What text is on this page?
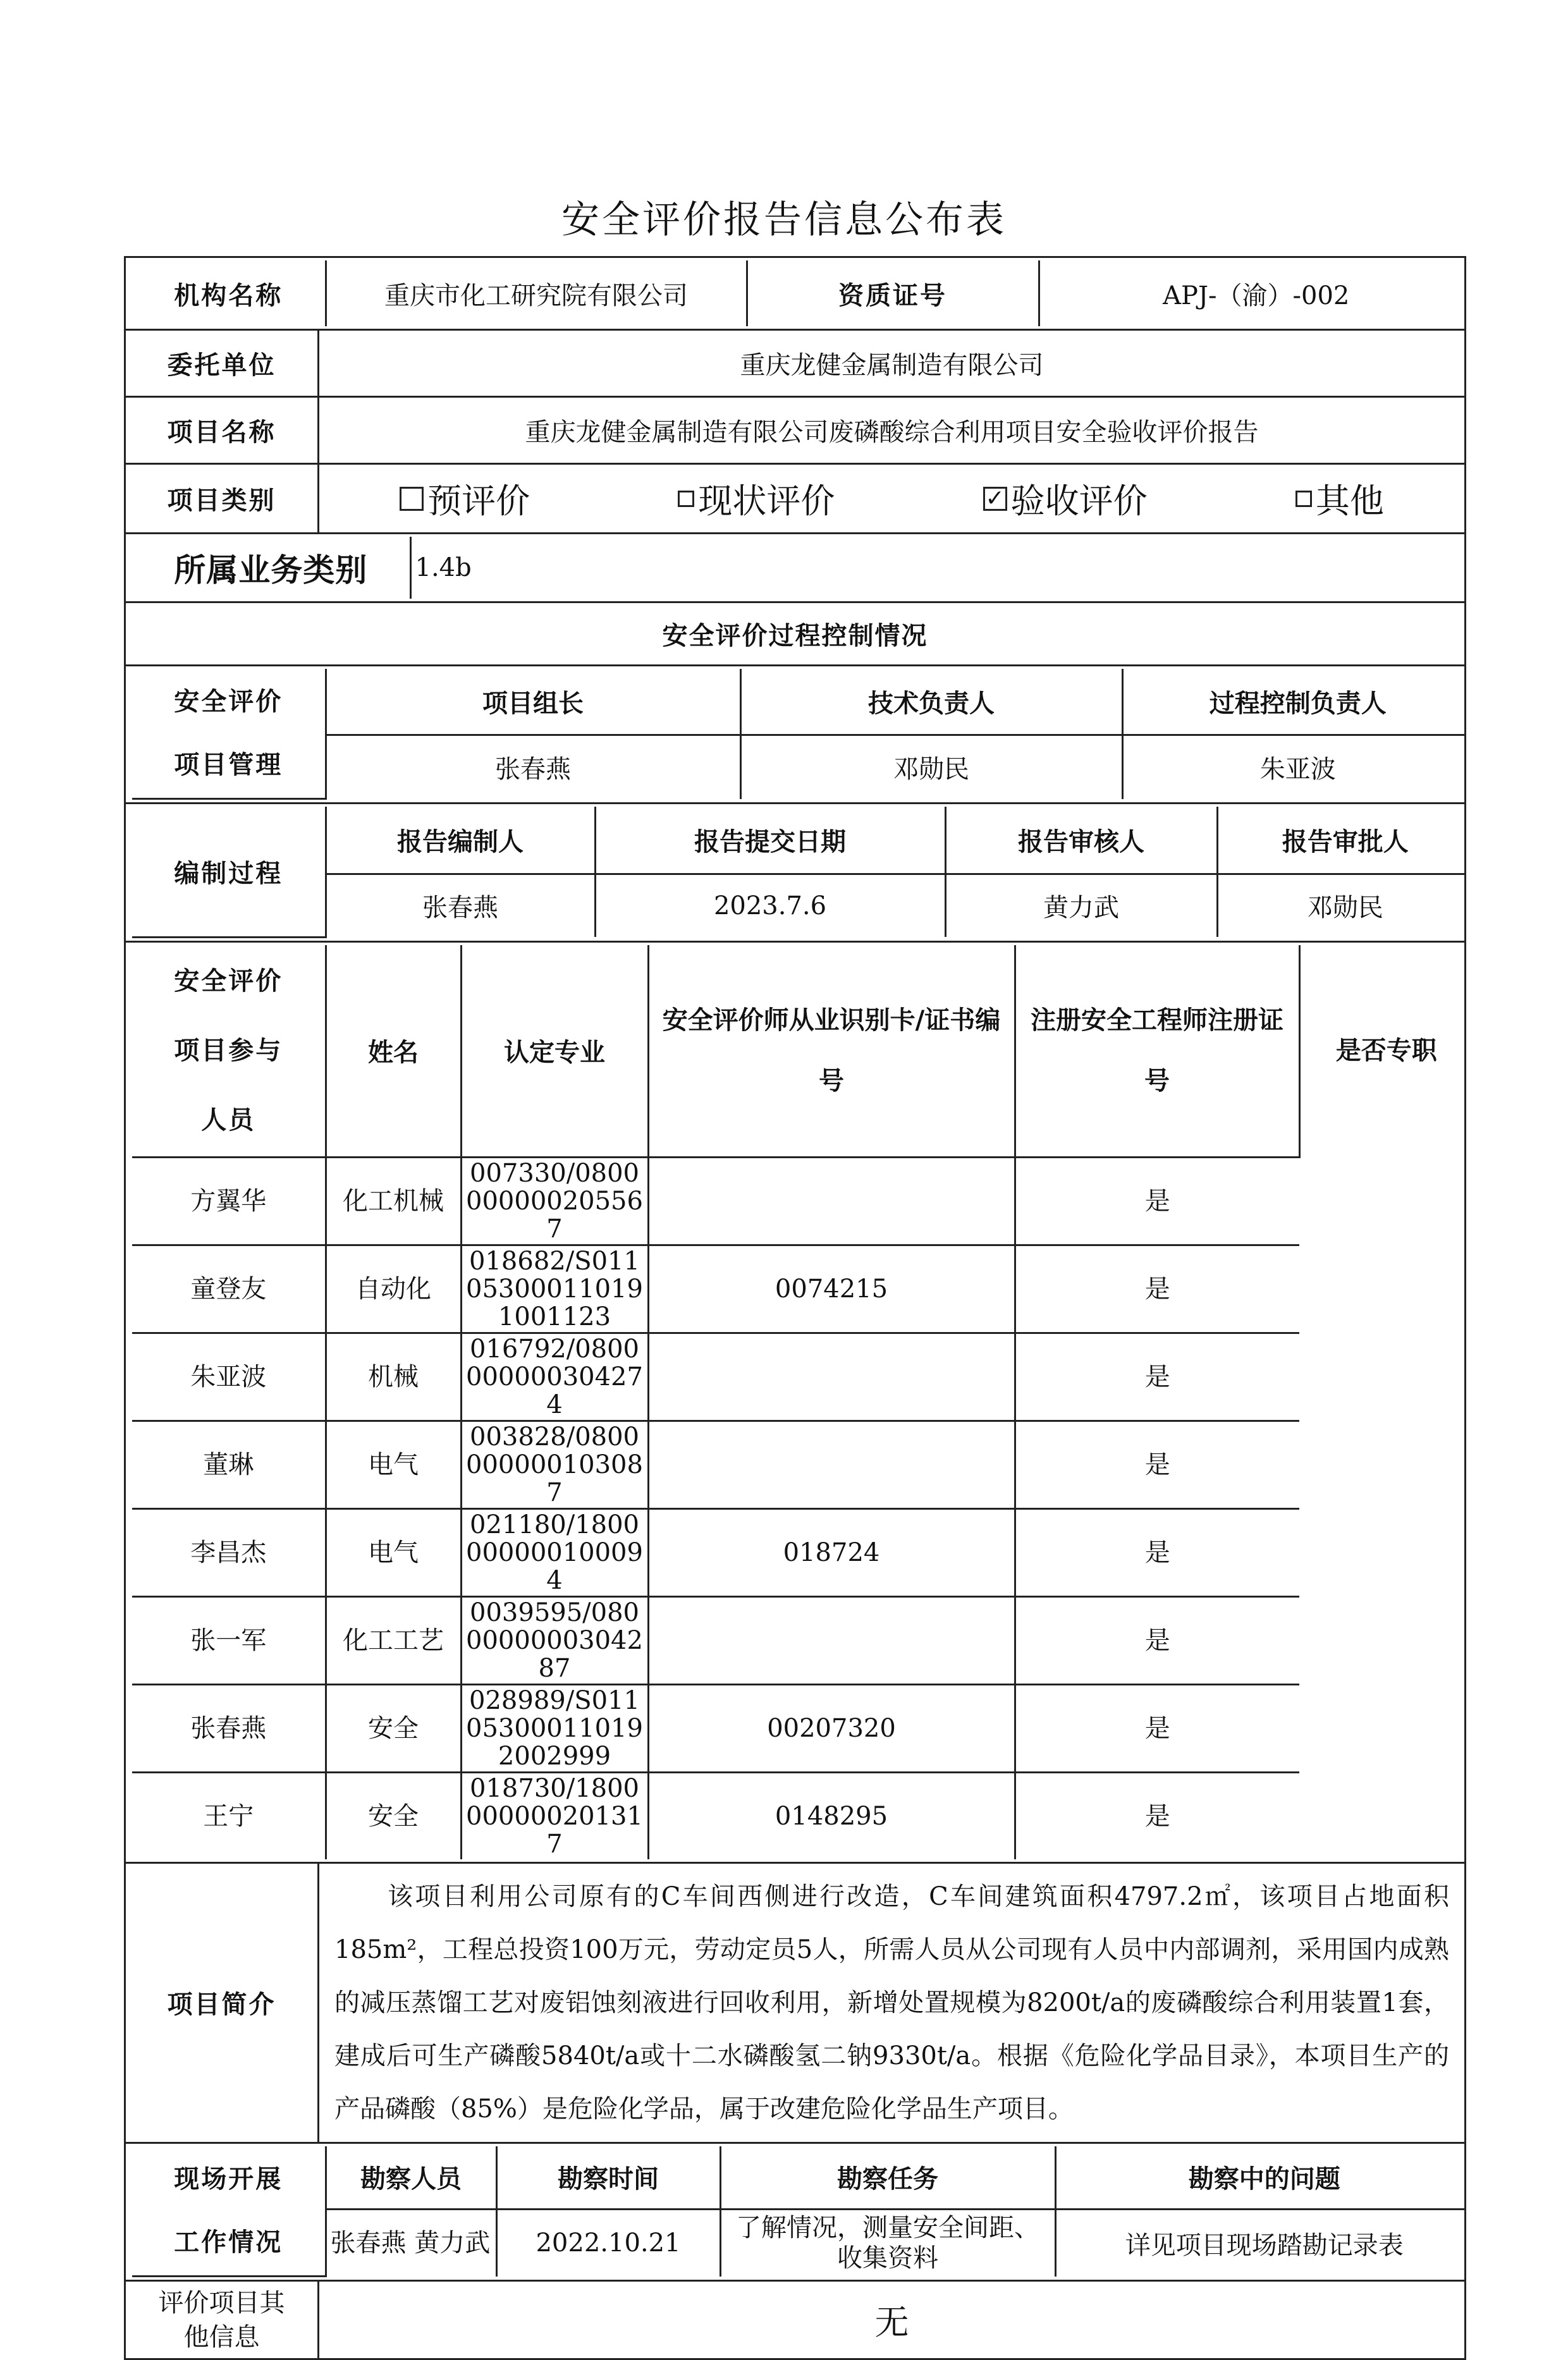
安全评价报告信息公布表
机构名称	重庆市化工研究院有限公司	资质证号	APJ-（渝）-002

委托单位	重庆龙健金属制造有限公司
项目名称	重庆龙健金属制造有限公司废磷酸综合利用项目安全验收评价报告
项目类别	预评价	现状评价	✓ 验收评价	其他

所属业务类别	1.4b

安全评价过程控制情况

安全评价
项目管理
	项目组长	技术负责人	过程控制负责人
张春燕	邓勋民	朱亚波

编制过程	报告编制人	报告提交日期	报告审核人	报告审批人
张春燕	2023.7.6	黄力武	邓勋民

安全评价
项目参与
人员
	姓名	认定专业	安全评价师从业识别卡/证书编号	注册安全工程师注册证号	是否专职
方翼华	化工机械	007330/0800000000205567		是
童登友	自动化	018682/S011053000110191001123	0074215	是
朱亚波	机械	016792/0800000000304274		是
董琳	电气	003828/0800000000103087		是
李昌杰	电气	021180/1800000000100094	018724	是
张一军	化工工艺	0039595/0800000000304287		是
张春燕	安全	028989/S011053000110192002999	00207320	是
王宁	安全	018730/1800000000201317	0148295	是

项目简介	该项目利用公司原有的C车间西侧进行改造，C车间建筑面积4797.2㎡，该项目占地面积185m²，工程总投资100万元，劳动定员5人，所需人员从公司现有人员中内部调剂，采用国内成熟的减压蒸馏工艺对废铝蚀刻液进行回收利用，新增处置规模为8200t/a的废磷酸综合利用装置1套，建成后可生产磷酸5840t/a或十二水磷酸氢二钠9330t/a。根据《危险化学品目录》，本项目生产的产品磷酸（85%）是危险化学品，属于改建危险化学品生产项目。

现场开展
工作情况
	勘察人员	勘察时间	勘察任务	勘察中的问题
张春燕 黄力武	2022.10.21	了解情况，测量安全间距、收集资料	详见项目现场踏勘记录表

评价项目其
他信息	无
